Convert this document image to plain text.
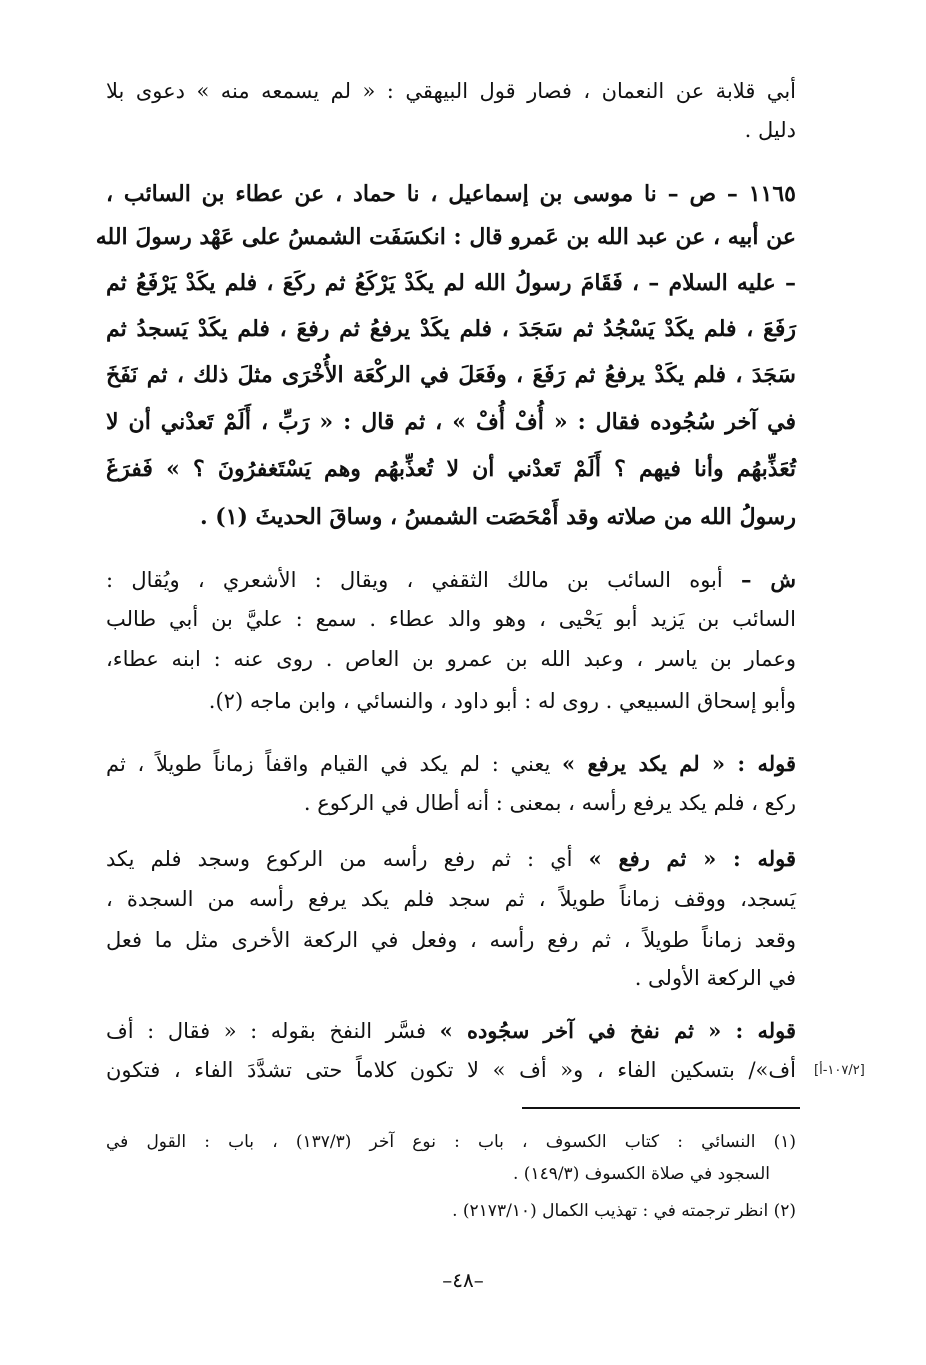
أبي قلابة عن النعمان ، فصار قول البيهقي : « لم يسمعه منه » دعوى بلا
دليل .
١١٦٥ – ص – نا موسى بن إسماعيل ، نا حماد ، عن عطاء بن السائب ،
عن أبيه ، عن عبد الله بن عَمرو قال : انكسَفَت الشمسُ على عَهْد رسولَ الله
– عليه السلام – ، فَقَامَ رسولُ الله لم يكَدْ يَرْكَعُ ثم ركَعَ ، فلم يكَدْ يَرْفَعُ ثم
رَفَعَ ، فلم يكَدْ يَسْجُدُ ثم سَجَدَ ، فلم يكَدْ يرفعُ ثم رفعَ ، فلم يكَدْ يَسجدُ ثم
سَجَدَ ، فلم يكَدْ يرفعُ ثم رَفَعَ ، وفَعَلَ في الركْعَة الأُخْرَى مثلَ ذلك ، ثم نَفَخَ
في آخر سُجُوده فقال : « أُفْ أُفْ » ، ثم قال : « رَبِّ ، أَلَمْ تَعدْني أن لا
تُعَذِّبهُم وأنا فيهم ؟ أَلَمْ تَعدْني أن لا تُعذِّبهُم وهم يَسْتَغفرُونَ ؟ » فَفرَغَ
رسولُ الله من صلاته وقد أَمْحَصَت الشمسُ ، وساقَ الحديثَ (١) .
ش – أبوه السائب بن مالك الثقفي ، ويقال : الأشعري ، ويُقال :
السائب بن يَزيد أبو يَحْيى ، وهو والد عطاء . سمع : عليَّ بن أبي طالب
وعمار بن ياسر ، وعبد الله بن عمرو بن العاص . روى عنه : ابنه عطاء،
وأبو إسحاق السبيعي . روى له : أبو داود ، والنسائي ، وابن ماجه (٢).
قوله : « لم يكد يرفع » يعني : لم يكد في القيام واقفاً زماناً طويلاً ، ثم
ركع ، فلم يكد يرفع رأسه ، بمعنى : أنه أطال في الركوع .
قوله : « ثم رفع » أي : ثم رفع رأسه من الركوع وسجد فلم يكد
يَسجد، ووقف زماناً طويلاً ، ثم سجد فلم يكد يرفع رأسه من السجدة ،
وقعد زماناً طويلاً ، ثم رفع رأسه ، وفعل في الركعة الأخرى مثل ما فعل
في الركعة الأولى .
قوله : « ثم نفخ في آخر سجُوده » فسَّر النفخ بقوله : « فقال : أف
أف»/ بتسكين الفاء ، و« أف » لا تكون كلاماً حتى تشدَّدَ الفاء ، فتكون [١٠٧/٢-أ]
(١) النسائي : كتاب الكسوف ، باب : نوع آخر (١٣٧/٣) ، باب : القول في
السجود في صلاة الكسوف (١٤٩/٣) .
(٢) انظر ترجمته في : تهذيب الكمال (٢١٧٣/١٠) .
–٤٨–
